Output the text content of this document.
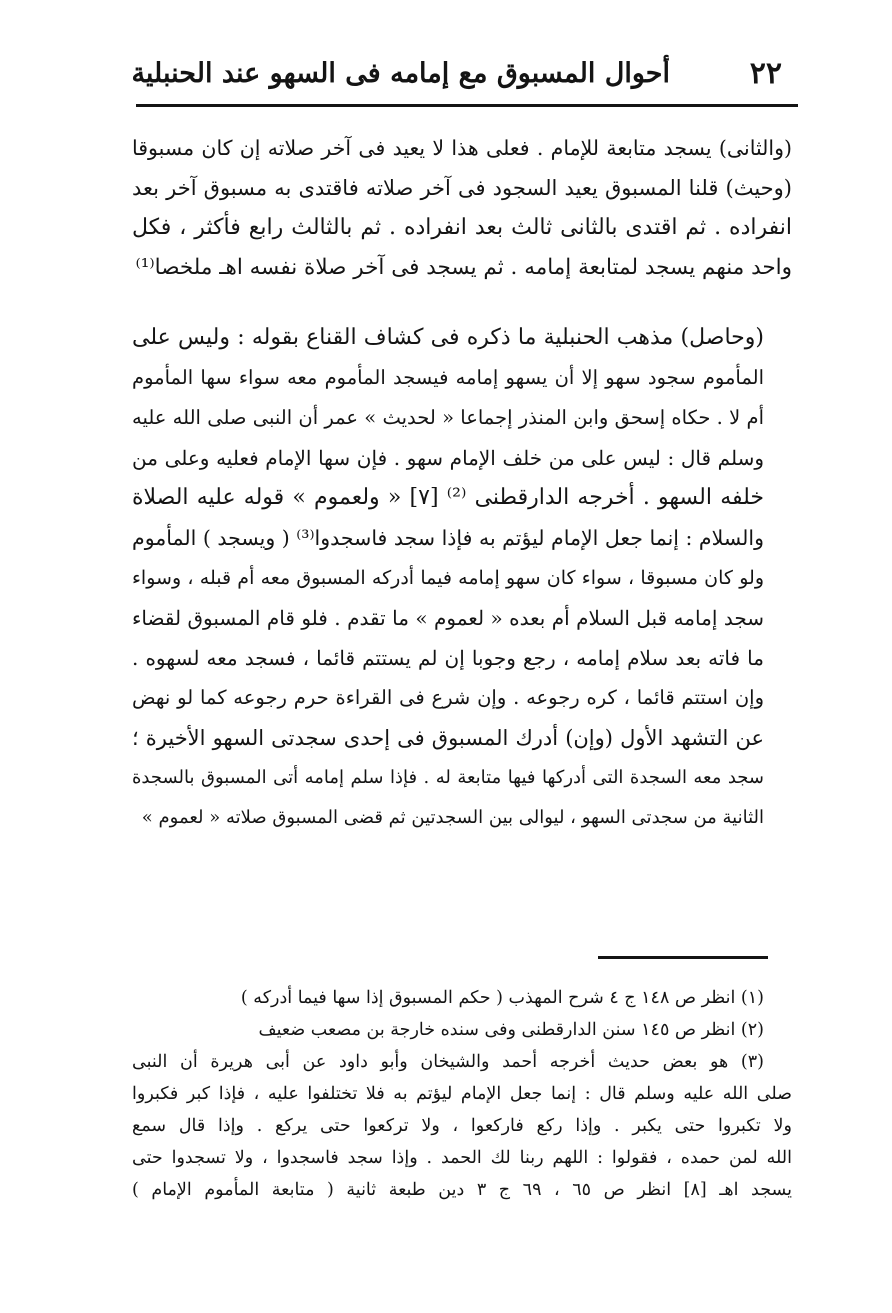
٢٢
أحوال المسبوق مع إمامه فى السهو عند الحنبلية

(والثانى) يسجد متابعة للإمام . فعلى هذا لا يعيد فى آخر صلاته إن كان مسبوقا
(وحيث) قلنا المسبوق يعيد السجود فى آخر صلاته فاقتدى به مسبوق آخر بعد
انفراده . ثم اقتدى بالثانى ثالث بعد انفراده . ثم بالثالث رابع فأكثر ، فكل
واحد منهم يسجد لمتابعة إمامه . ثم يسجد فى آخر صلاة نفسه اهـ ملخصا⁽¹⁾

(وحاصل) مذهب الحنبلية ما ذكره فى كشاف القناع بقوله : وليس على
المأموم سجود سهو إلا أن يسهو إمامه فيسجد المأموم معه سواء سها المأموم
أم لا . حكاه إسحق وابن المنذر إجماعا « لحديث » عمر أن النبى صلى الله عليه
وسلم قال : ليس على من خلف الإمام سهو . فإن سها الإمام فعليه وعلى من
خلفه السهو . أخرجه الدارقطنى ⁽²⁾ [٧] « ولعموم » قوله عليه الصلاة
والسلام : إنما جعل الإمام ليؤتم به فإذا سجد فاسجدوا⁽³⁾ ( ويسجد ) المأموم
ولو كان مسبوقا ، سواء كان سهو إمامه فيما أدركه المسبوق معه أم قبله ، وسواء
سجد إمامه قبل السلام أم بعده « لعموم » ما تقدم . فلو قام المسبوق لقضاء
ما فاته بعد سلام إمامه ، رجع وجوبا إن لم يستتم قائما ، فسجد معه لسهوه .
وإن استتم قائما ، كره رجوعه . وإن شرع فى القراءة حرم رجوعه كما لو نهض
عن التشهد الأول (وإن) أدرك المسبوق فى إحدى سجدتى السهو الأخيرة ؛
سجد معه السجدة التى أدركها فيها متابعة له . فإذا سلم إمامه أتى المسبوق بالسجدة
الثانية من سجدتى السهو ، ليوالى بين السجدتين ثم قضى المسبوق صلاته « لعموم »

(١) انظر ص ١٤٨ ج ٤ شرح المهذب ( حكم المسبوق إذا سها فيما أدركه )

(٢) انظر ص ١٤٥ سنن الدارقطنى وفى سنده خارجة بن مصعب ضعيف

(٣) هو بعض حديث أخرجه أحمد والشيخان وأبو داود عن أبى هريرة أن النبى
صلى الله عليه وسلم قال : إنما جعل الإمام ليؤتم به فلا تختلفوا عليه ، فإذا كبر فكبروا
ولا تكبروا حتى يكبر . وإذا ركع فاركعوا ، ولا تركعوا حتى يركع . وإذا قال سمع
الله لمن حمده ، فقولوا : اللهم ربنا لك الحمد . وإذا سجد فاسجدوا ، ولا تسجدوا حتى
يسجد اهـ [٨] انظر ص ٦٥ ، ٦٩ ج ٣ دين طبعة ثانية ( متابعة المأموم الإمام )
